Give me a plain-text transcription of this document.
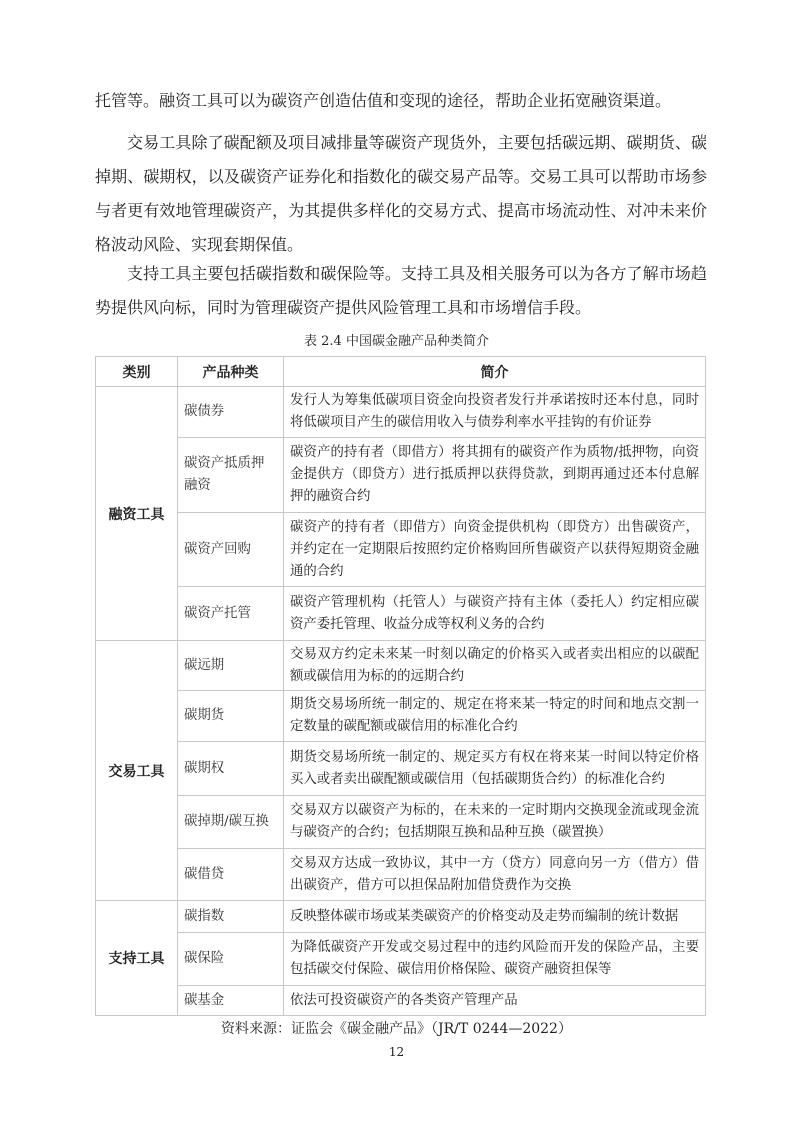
托管等。融资工具可以为碳资产创造估值和变现的途径，帮助企业拓宽融资渠道。

交易工具除了碳配额及项目减排量等碳资产现货外，主要包括碳远期、碳期货、碳掉期、碳期权，以及碳资产证券化和指数化的碳交易产品等。交易工具可以帮助市场参与者更有效地管理碳资产，为其提供多样化的交易方式、提高市场流动性、对冲未来价格波动风险、实现套期保值。

支持工具主要包括碳指数和碳保险等。支持工具及相关服务可以为各方了解市场趋势提供风向标，同时为管理碳资产提供风险管理工具和市场增信手段。

表 2.4 中国碳金融产品种类简介
类别	产品种类	简介
融资工具	碳债券	发行人为筹集低碳项目资金向投资者发行并承诺按时还本付息，同时将低碳项目产生的碳信用收入与债券利率水平挂钩的有价证券
	碳资产抵质押融资	碳资产的持有者（即借方）将其拥有的碳资产作为质物/抵押物，向资金提供方（即贷方）进行抵质押以获得贷款，到期再通过还本付息解押的融资合约
	碳资产回购	碳资产的持有者（即借方）向资金提供机构（即贷方）出售碳资产，并约定在一定期限后按照约定价格购回所售碳资产以获得短期资金融通的合约
	碳资产托管	碳资产管理机构（托管人）与碳资产持有主体（委托人）约定相应碳资产委托管理、收益分成等权利义务的合约
交易工具	碳远期	交易双方约定未来某一时刻以确定的价格买入或者卖出相应的以碳配额或碳信用为标的的远期合约
	碳期货	期货交易场所统一制定的、规定在将来某一特定的时间和地点交割一定数量的碳配额或碳信用的标准化合约
	碳期权	期货交易场所统一制定的、规定买方有权在将来某一时间以特定价格买入或者卖出碳配额或碳信用（包括碳期货合约）的标准化合约
	碳掉期/碳互换	交易双方以碳资产为标的，在未来的一定时期内交换现金流或现金流与碳资产的合约；包括期限互换和品种互换（碳置换）
	碳借贷	交易双方达成一致协议，其中一方（贷方）同意向另一方（借方）借出碳资产，借方可以担保品附加借贷费作为交换
支持工具	碳指数	反映整体碳市场或某类碳资产的价格变动及走势而编制的统计数据
	碳保险	为降低碳资产开发或交易过程中的违约风险而开发的保险产品，主要包括碳交付保险、碳信用价格保险、碳资产融资担保等
	碳基金	依法可投资碳资产的各类资产管理产品
资料来源：证监会《碳金融产品》（JR/T 0244—2022）
12
